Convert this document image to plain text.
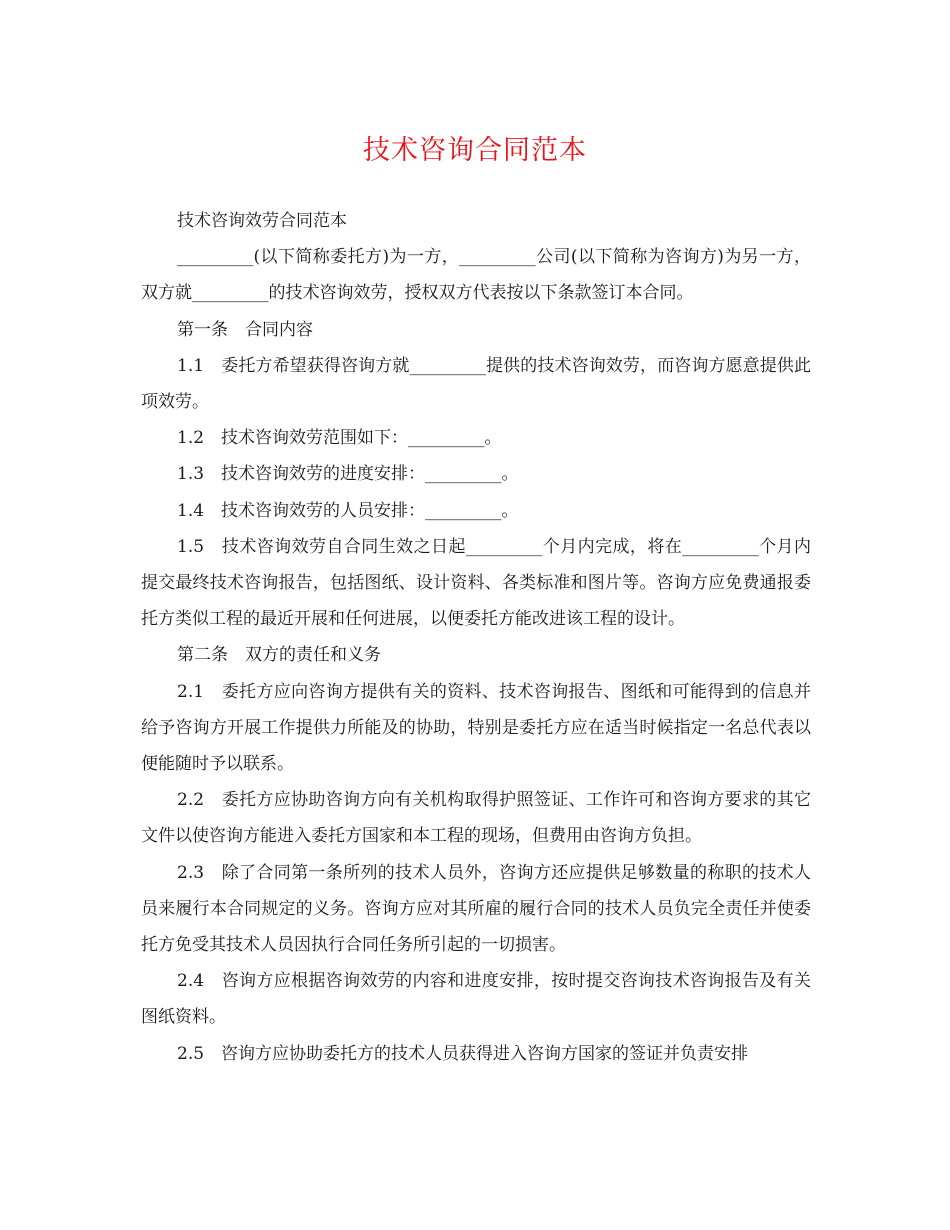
技术咨询合同范本

技术咨询效劳合同范本

_________(以下简称委托方)为一方，_________公司(以下简称为咨询方)为另一方，双方就_________的技术咨询效劳，授权双方代表按以下条款签订本合同。

第一条　合同内容

1.1　委托方希望获得咨询方就_________提供的技术咨询效劳，而咨询方愿意提供此项效劳。

1.2　技术咨询效劳范围如下：_________。

1.3　技术咨询效劳的进度安排：_________。

1.4　技术咨询效劳的人员安排：_________。

1.5　技术咨询效劳自合同生效之日起_________个月内完成，将在_________个月内提交最终技术咨询报告，包括图纸、设计资料、各类标准和图片等。咨询方应免费通报委托方类似工程的最近开展和任何进展，以便委托方能改进该工程的设计。

第二条　双方的责任和义务

2.1　委托方应向咨询方提供有关的资料、技术咨询报告、图纸和可能得到的信息并给予咨询方开展工作提供力所能及的协助，特别是委托方应在适当时候指定一名总代表以便能随时予以联系。

2.2　委托方应协助咨询方向有关机构取得护照签证、工作许可和咨询方要求的其它文件以使咨询方能进入委托方国家和本工程的现场，但费用由咨询方负担。

2.3　除了合同第一条所列的技术人员外，咨询方还应提供足够数量的称职的技术人员来履行本合同规定的义务。咨询方应对其所雇的履行合同的技术人员负完全责任并使委托方免受其技术人员因执行合同任务所引起的一切损害。

2.4　咨询方应根据咨询效劳的内容和进度安排，按时提交咨询技术咨询报告及有关图纸资料。

2.5　咨询方应协助委托方的技术人员获得进入咨询方国家的签证并负责安排
